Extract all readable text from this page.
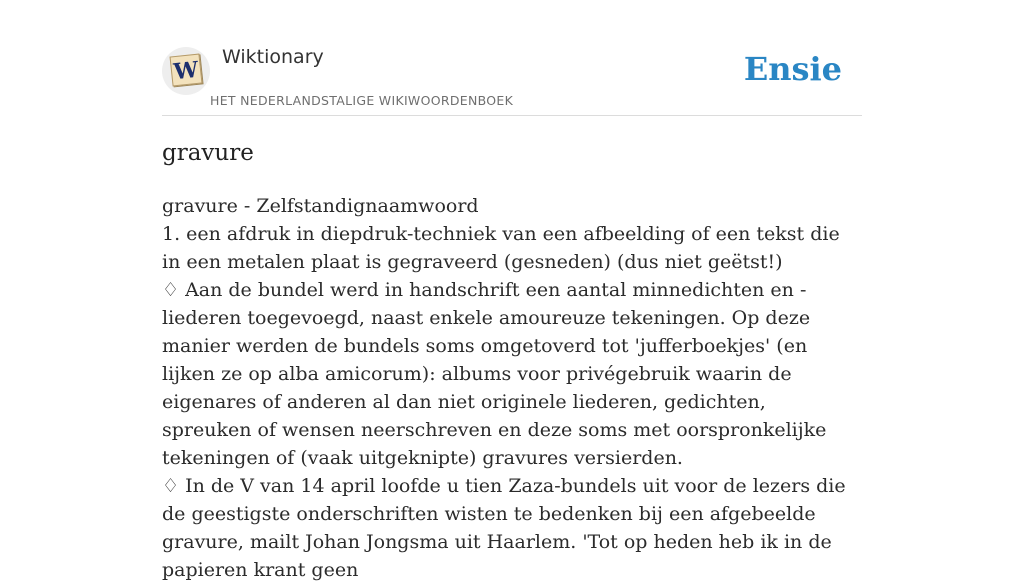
W Wiktionary
HET NEDERLANDSTALIGE WIKIWOORDENBOEK
Ensie
gravure

gravure - Zelfstandignaamwoord

1. een afdruk in diepdruk-techniek van een afbeelding of een tekst die in een metalen plaat is gegraveerd (gesneden) (dus niet geëtst!)

♢ Aan de bundel werd in handschrift een aantal minnedichten en -liederen toegevoegd, naast enkele amoureuze tekeningen. Op deze manier werden de bundels soms omgetoverd tot 'jufferboekjes' (en lijken ze op alba amicorum): albums voor privégebruik waarin de eigenares of anderen al dan niet originele liederen, gedichten, spreuken of wensen neerschreven en deze soms met oorspronkelijke tekeningen of (vaak uitgeknipte) gravures versierden.

♢ In de V van 14 april loofde u tien Zaza-bundels uit voor de lezers die de geestigste onderschriften wisten te bedenken bij een afgebeelde gravure, mailt Johan Jongsma uit Haarlem. 'Tot op heden heb ik in de papieren krant geen
